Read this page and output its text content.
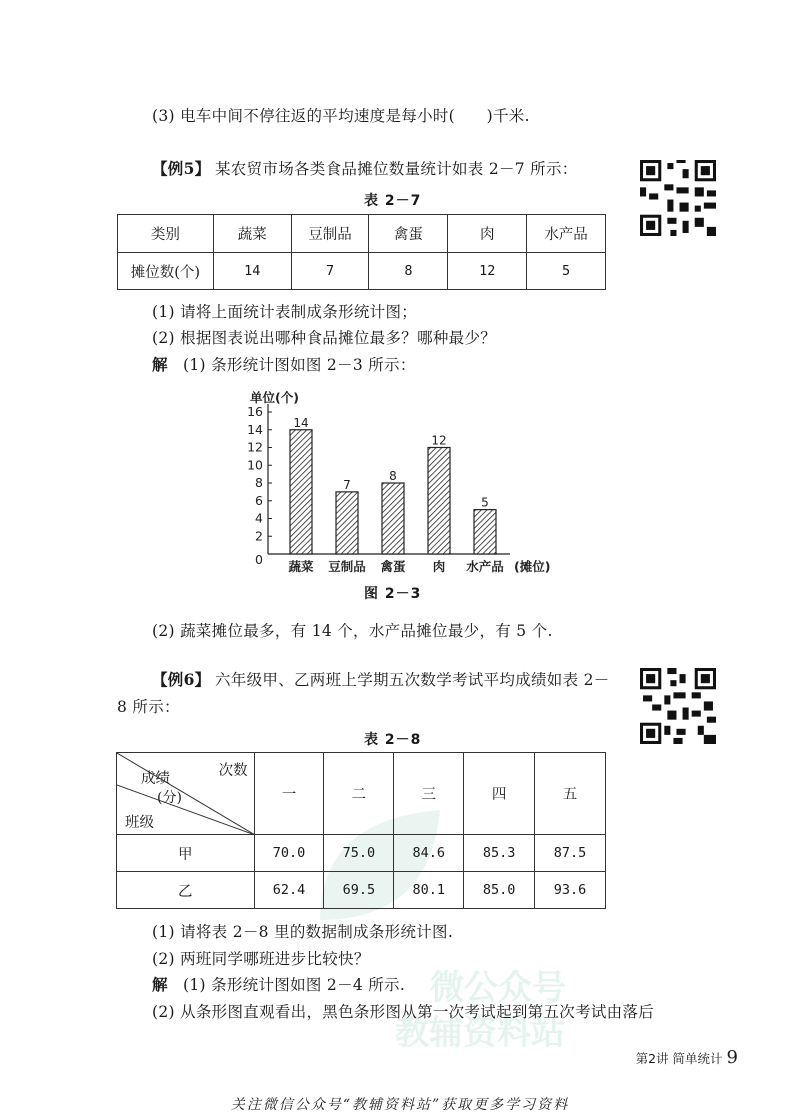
微公众号
教辅资料站
(3) 电车中间不停往返的平均速度是每小时(　　)千米.
【例5】 某农贸市场各类食品摊位数量统计如表 2－7 所示：
表 2－7
类别	蔬菜	豆制品	禽蛋	肉	水产品
摊位数(个)	14	7	8	12	5
(1) 请将上面统计表制成条形统计图；
(2) 根据图表说出哪种食品摊位最多？哪种最少？
解 (1) 条形统计图如图 2－3 所示：
0
2
4
6
8
10
12
14
16
单位(个)
14
蔬菜
7
豆制品
8
禽蛋
12
肉
5
水产品 (摊位)
图 2－3
(2) 蔬菜摊位最多，有 14 个，水产品摊位最少，有 5 个.
【例6】 六年级甲、乙两班上学期五次数学考试平均成绩如表 2－
8 所示：
表 2－8
次数
成绩
(分)
班级	一	二	三	四	五
甲	70.0	75.0	84.6	85.3	87.5
乙	62.4	69.5	80.1	85.0	93.6
(1) 请将表 2－8 里的数据制成条形统计图.
(2) 两班同学哪班进步比较快？
解 (1) 条形统计图如图 2－4 所示.
(2) 从条形图直观看出，黑色条形图从第一次考试起到第五次考试由落后
第2讲 简单统计 9
关注微信公众号“教辅资料站”获取更多学习资料
